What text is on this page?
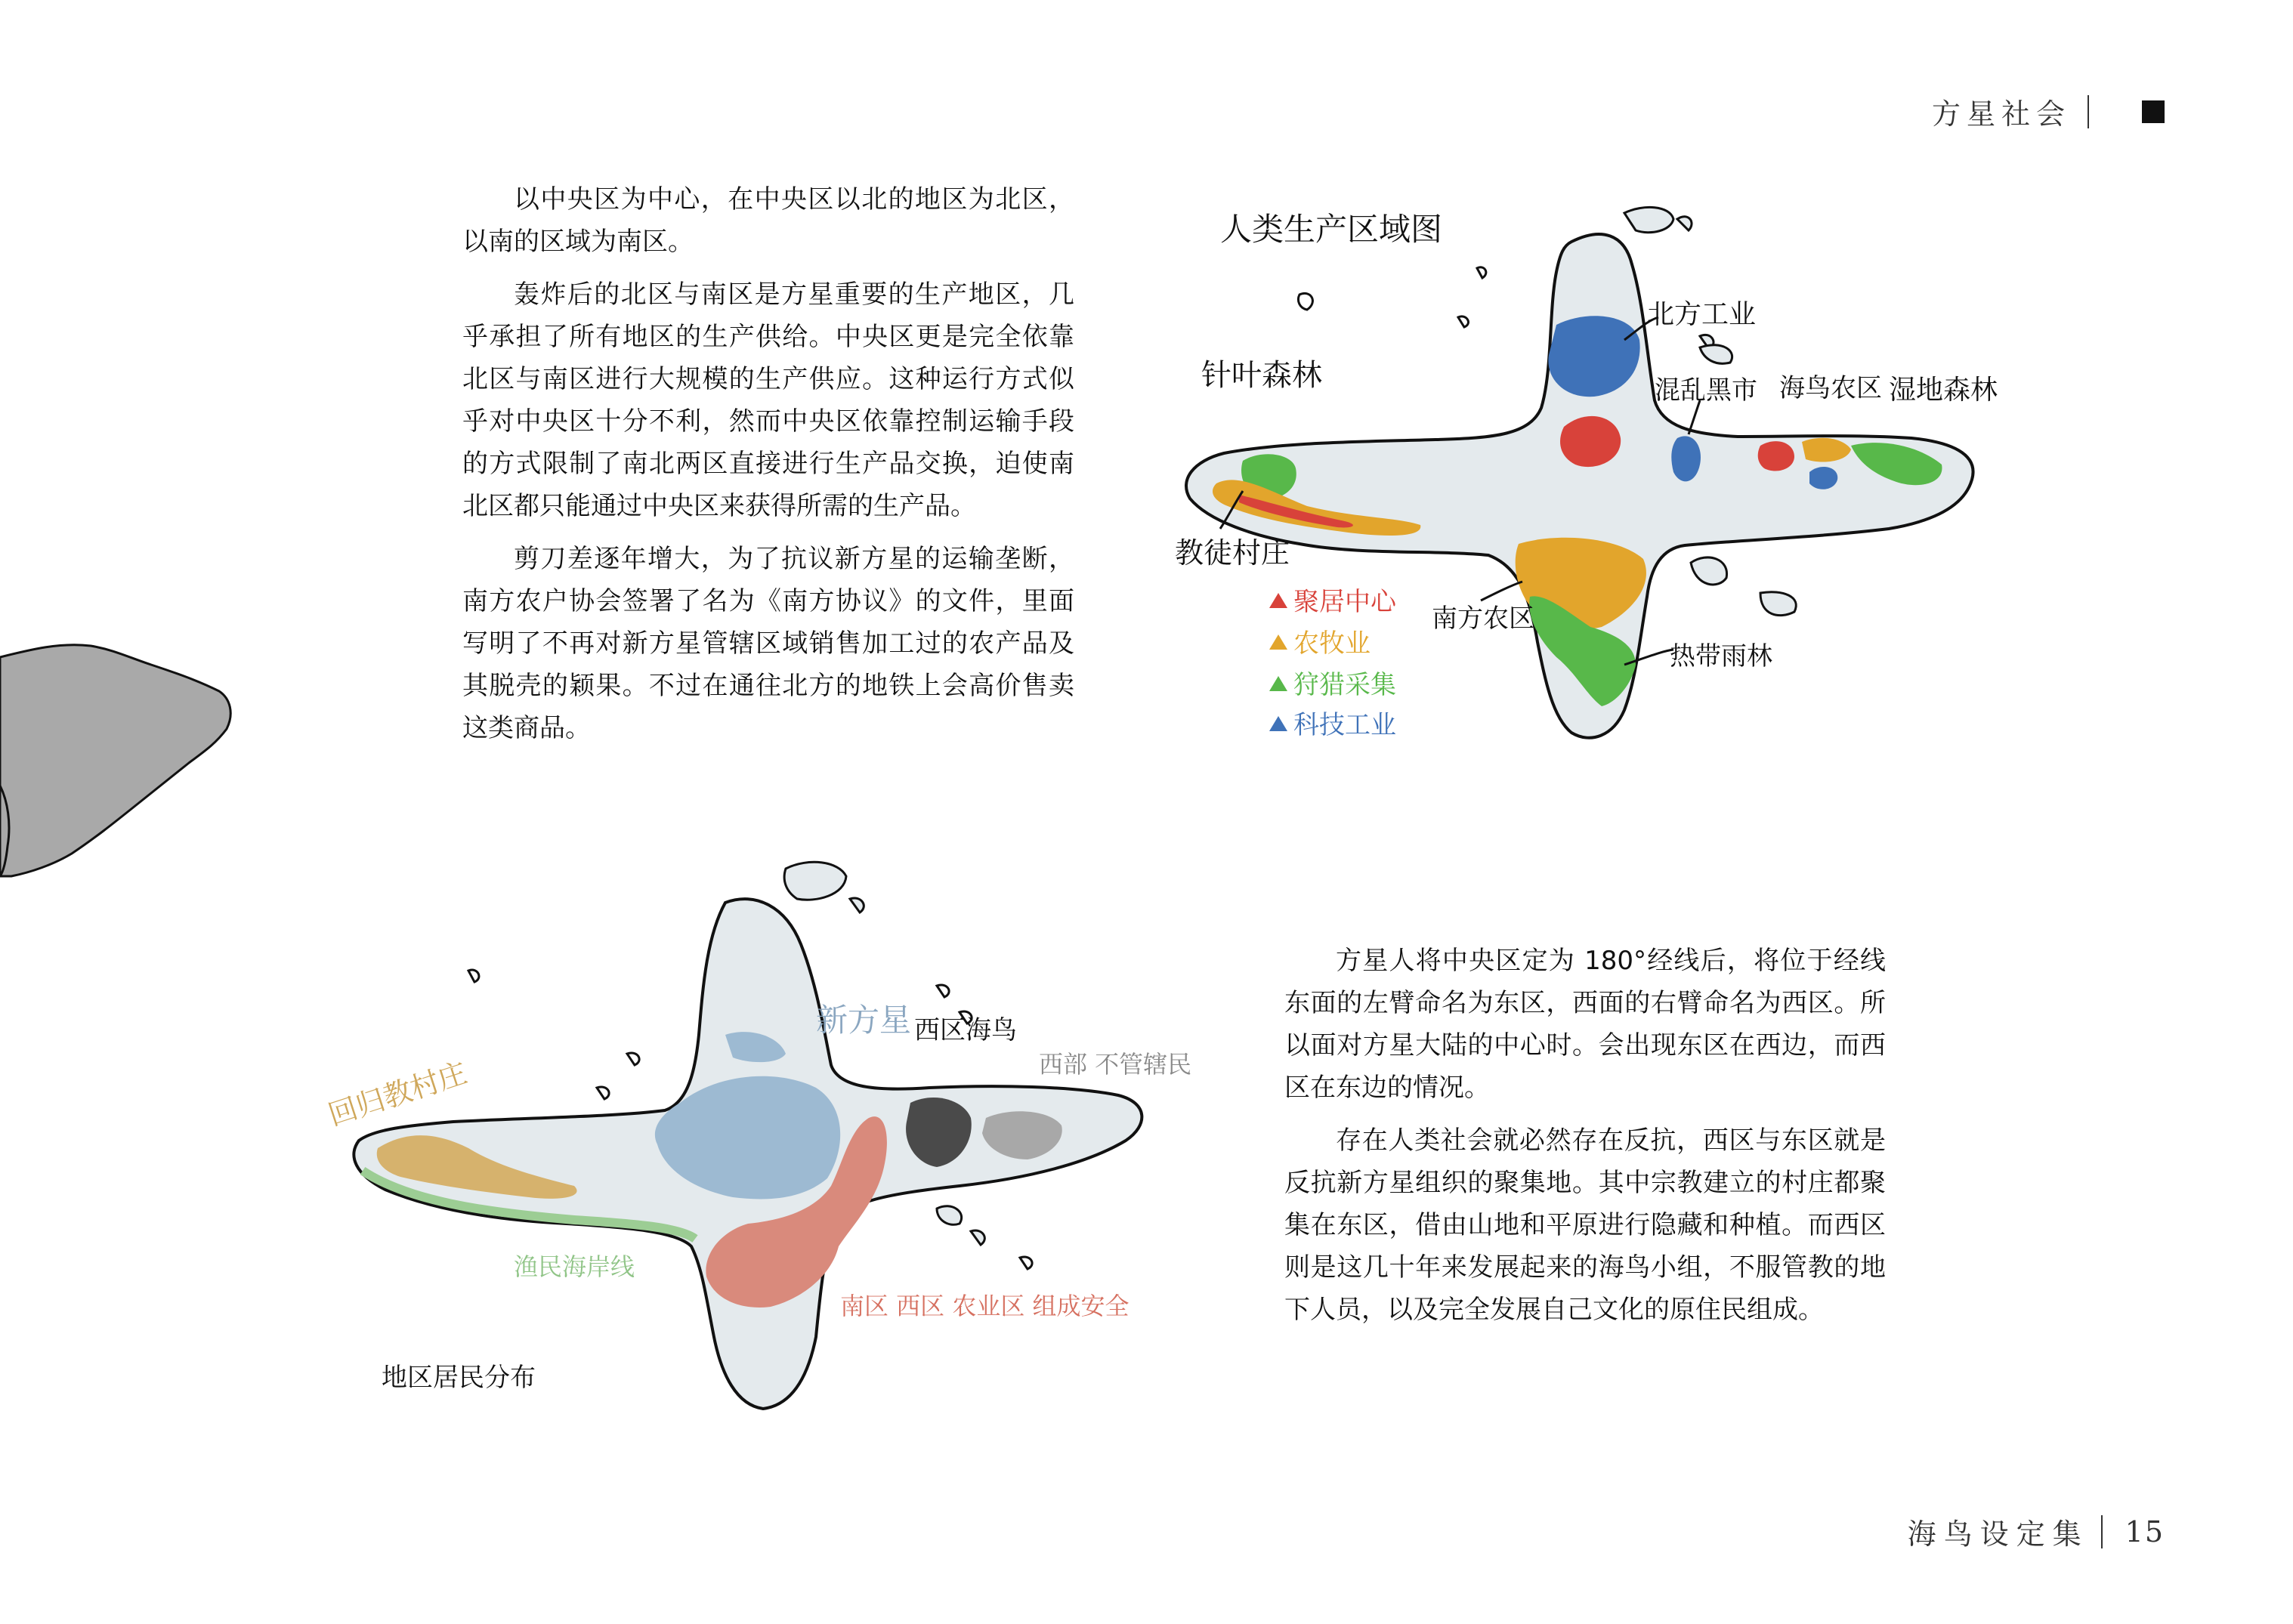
方星社会
人类生产区域图
北方工业
混乱黑市 海鸟农区 湿地森林
针叶森林
教徒村庄
南方农区
热带雨林
聚居中心
农牧业
狩猎采集
科技工业
新方星 西区海鸟
西部 不管辖民
回归教村庄
渔民海岸线
南区 西区 农业区 组成安全
地区居民分布

以中央区为中心，在中央区以北的地区为北区，以南的区域为南区。

轰炸后的北区与南区是方星重要的生产地区，几乎承担了所有地区的生产供给。中央区更是完全依靠北区与南区进行大规模的生产供应。这种运行方式似乎对中央区十分不利，然而中央区依靠控制运输手段的方式限制了南北两区直接进行生产品交换，迫使南北区都只能通过中央区来获得所需的生产品。

剪刀差逐年增大，为了抗议新方星的运输垄断，南方农户协会签署了名为《南方协议》的文件，里面写明了不再对新方星管辖区域销售加工过的农产品及其脱壳的颖果。不过在通往北方的地铁上会高价售卖这类商品。

方星人将中央区定为 180°经线后，将位于经线东面的左臂命名为东区，西面的右臂命名为西区。所以面对方星大陆的中心时。会出现东区在西边，而西区在东边的情况。

存在人类社会就必然存在反抗，西区与东区就是反抗新方星组织的聚集地。其中宗教建立的村庄都聚集在东区，借由山地和平原进行隐藏和种植。而西区则是这几十年来发展起来的海鸟小组，不服管教的地下人员，以及完全发展自己文化的原住民组成。

海鸟设定集 15
